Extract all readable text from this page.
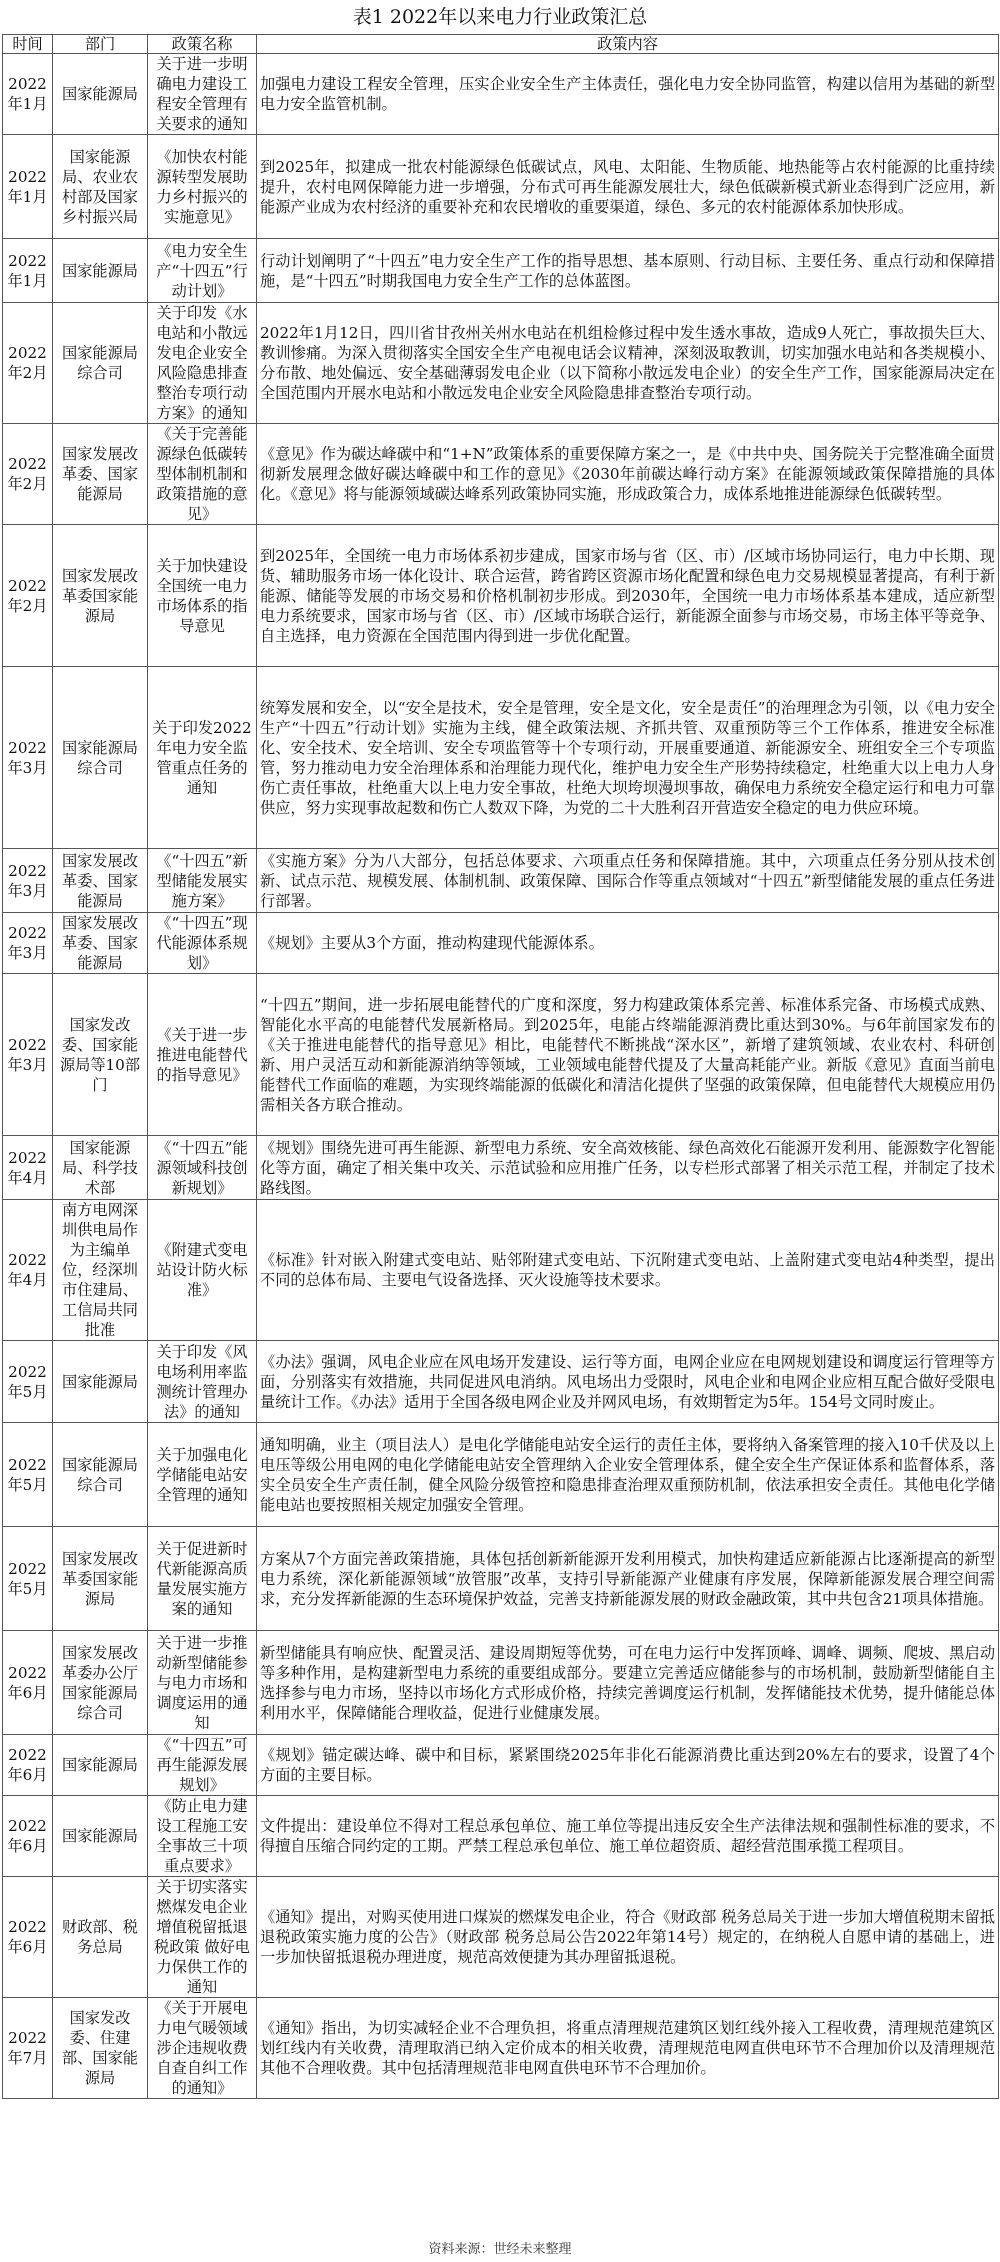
表1 2022年以来电力行业政策汇总
时间	部门	政策名称	政策内容
2022年1月	国家能源局	关于进一步明确电力建设工程安全管理有关要求的通知	加强电力建设工程安全管理，压实企业安全生产主体责任，强化电力安全协同监管，构建以信用为基础的新型电力安全监管机制。
2022年1月	国家能源局、农业农村部及国家乡村振兴局	《加快农村能源转型发展助力乡村振兴的实施意见》	到2025年，拟建成一批农村能源绿色低碳试点，风电、太阳能、生物质能、地热能等占农村能源的比重持续提升，农村电网保障能力进一步增强，分布式可再生能源发展壮大，绿色低碳新模式新业态得到广泛应用，新能源产业成为农村经济的重要补充和农民增收的重要渠道，绿色、多元的农村能源体系加快形成。
2022年1月	国家能源局	《电力安全生产“十四五”行动计划》	行动计划阐明了“十四五”电力安全生产工作的指导思想、基本原则、行动目标、主要任务、重点行动和保障措施，是“十四五”时期我国电力安全生产工作的总体蓝图。
2022年2月	国家能源局综合司	关于印发《水电站和小散远发电企业安全风险隐患排查整治专项行动方案》的通知	2022年1月12日，四川省甘孜州关州水电站在机组检修过程中发生透水事故，造成9人死亡，事故损失巨大、教训惨痛。为深入贯彻落实全国安全生产电视电话会议精神，深刻汲取教训，切实加强水电站和各类规模小、分布散、地处偏远、安全基础薄弱发电企业（以下简称小散远发电企业）的安全生产工作，国家能源局决定在全国范围内开展水电站和小散远发电企业安全风险隐患排查整治专项行动。
2022年2月	国家发展改革委、国家能源局	《关于完善能源绿色低碳转型体制机制和政策措施的意见》	《意见》作为碳达峰碳中和“1+N”政策体系的重要保障方案之一，是《中共中央、国务院关于完整准确全面贯彻新发展理念做好碳达峰碳中和工作的意见》《2030年前碳达峰行动方案》在能源领域政策保障措施的具体化。《意见》将与能源领域碳达峰系列政策协同实施，形成政策合力，成体系地推进能源绿色低碳转型。
2022年2月	国家发展改革委国家能源局	关于加快建设全国统一电力市场体系的指导意见	到2025年，全国统一电力市场体系初步建成，国家市场与省（区、市）/区域市场协同运行，电力中长期、现货、辅助服务市场一体化设计、联合运营，跨省跨区资源市场化配置和绿色电力交易规模显著提高，有利于新能源、储能等发展的市场交易和价格机制初步形成。到2030年，全国统一电力市场体系基本建成，适应新型电力系统要求，国家市场与省（区、市）/区域市场联合运行，新能源全面参与市场交易，市场主体平等竞争、自主选择，电力资源在全国范围内得到进一步优化配置。
2022年3月	国家能源局综合司	关于印发2022年电力安全监管重点任务的通知	统筹发展和安全，以“安全是技术，安全是管理，安全是文化，安全是责任”的治理理念为引领，以《电力安全生产“十四五”行动计划》实施为主线，健全政策法规、齐抓共管、双重预防等三个工作体系，推进安全标准化、安全技术、安全培训、安全专项监管等十个专项行动，开展重要通道、新能源安全、班组安全三个专项监管，努力推动电力安全治理体系和治理能力现代化，维护电力安全生产形势持续稳定，杜绝重大以上电力人身伤亡责任事故，杜绝重大以上电力安全事故，杜绝大坝垮坝漫坝事故，确保电力系统安全稳定运行和电力可靠供应，努力实现事故起数和伤亡人数双下降，为党的二十大胜利召开营造安全稳定的电力供应环境。
2022年3月	国家发展改革委、国家能源局	《“十四五”新型储能发展实施方案》	《实施方案》分为八大部分，包括总体要求、六项重点任务和保障措施。其中，六项重点任务分别从技术创新、试点示范、规模发展、体制机制、政策保障、国际合作等重点领域对“十四五”新型储能发展的重点任务进行部署。
2022年3月	国家发展改革委、国家能源局	《“十四五”现代能源体系规划》	《规划》主要从3个方面，推动构建现代能源体系。
2022年3月	国家发改委、国家能源局等10部门	《关于进一步推进电能替代的指导意见》	“十四五”期间，进一步拓展电能替代的广度和深度，努力构建政策体系完善、标准体系完备、市场模式成熟、智能化水平高的电能替代发展新格局。到2025年，电能占终端能源消费比重达到30%。与6年前国家发布的《关于推进电能替代的指导意见》相比，电能替代不断挑战“深水区”，新增了建筑领域、农业农村、科研创新、用户灵活互动和新能源消纳等领域，工业领域电能替代提及了大量高耗能产业。新版《意见》直面当前电能替代工作面临的难题，为实现终端能源的低碳化和清洁化提供了坚强的政策保障，但电能替代大规模应用仍需相关各方联合推动。
2022年4月	国家能源局、科学技术部	《“十四五”能源领域科技创新规划》	《规划》围绕先进可再生能源、新型电力系统、安全高效核能、绿色高效化石能源开发利用、能源数字化智能化等方面，确定了相关集中攻关、示范试验和应用推广任务，以专栏形式部署了相关示范工程，并制定了技术路线图。
2022年4月	南方电网深圳供电局作为主编单位，经深圳市住建局、工信局共同批准	《附建式变电站设计防火标准》	《标准》针对嵌入附建式变电站、贴邻附建式变电站、下沉附建式变电站、上盖附建式变电站4种类型，提出不同的总体布局、主要电气设备选择、灭火设施等技术要求。
2022年5月	国家能源局	关于印发《风电场利用率监测统计管理办法》的通知	《办法》强调，风电企业应在风电场开发建设、运行等方面，电网企业应在电网规划建设和调度运行管理等方面，分别落实有效措施，共同促进风电消纳。风电场出力受限时，风电企业和电网企业应相互配合做好受限电量统计工作。《办法》适用于全国各级电网企业及并网风电场，有效期暂定为5年。154号文同时废止。
2022年5月	国家能源局综合司	关于加强电化学储能电站安全管理的通知	通知明确，业主（项目法人）是电化学储能电站安全运行的责任主体，要将纳入备案管理的接入10千伏及以上电压等级公用电网的电化学储能电站安全管理纳入企业安全管理体系，健全安全生产保证体系和监督体系，落实全员安全生产责任制，健全风险分级管控和隐患排查治理双重预防机制，依法承担安全责任。其他电化学储能电站也要按照相关规定加强安全管理。
2022年5月	国家发展改革委国家能源局	关于促进新时代新能源高质量发展实施方案的通知	方案从7个方面完善政策措施，具体包括创新新能源开发利用模式，加快构建适应新能源占比逐渐提高的新型电力系统，深化新能源领域“放管服”改革，支持引导新能源产业健康有序发展，保障新能源发展合理空间需求，充分发挥新能源的生态环境保护效益，完善支持新能源发展的财政金融政策，其中共包含21项具体措施。
2022年6月	国家发展改革委办公厅 国家能源局综合司	关于进一步推动新型储能参与电力市场和调度运用的通知	新型储能具有响应快、配置灵活、建设周期短等优势，可在电力运行中发挥顶峰、调峰、调频、爬坡、黑启动等多种作用，是构建新型电力系统的重要组成部分。要建立完善适应储能参与的市场机制，鼓励新型储能自主选择参与电力市场，坚持以市场化方式形成价格，持续完善调度运行机制，发挥储能技术优势，提升储能总体利用水平，保障储能合理收益，促进行业健康发展。
2022年6月	国家能源局	《“十四五”可再生能源发展规划》	《规划》锚定碳达峰、碳中和目标，紧紧围绕2025年非化石能源消费比重达到20%左右的要求，设置了4个方面的主要目标。
2022年6月	国家能源局	《防止电力建设工程施工安全事故三十项重点要求》	文件提出：建设单位不得对工程总承包单位、施工单位等提出违反安全生产法律法规和强制性标准的要求，不得擅自压缩合同约定的工期。严禁工程总承包单位、施工单位超资质、超经营范围承揽工程项目。
2022年6月	财政部、税务总局	关于切实落实燃煤发电企业增值税留抵退税政策 做好电力保供工作的通知	《通知》提出，对购买使用进口煤炭的燃煤发电企业，符合《财政部 税务总局关于进一步加大增值税期末留抵退税政策实施力度的公告》（财政部 税务总局公告2022年第14号）规定的，在纳税人自愿申请的基础上，进一步加快留抵退税办理进度，规范高效便捷为其办理留抵退税。
2022年7月	国家发改委、住建部、国家能源局	《关于开展电力电气暖领域涉企违规收费自查自纠工作的通知》	《通知》指出，为切实减轻企业不合理负担，将重点清理规范建筑区划红线外接入工程收费，清理规范建筑区划红线内有关收费，清理取消已纳入定价成本的相关收费，清理规范电网直供电环节不合理加价以及清理规范其他不合理收费。其中包括清理规范非电网直供电环节不合理加价。
资料来源：世经未来整理
